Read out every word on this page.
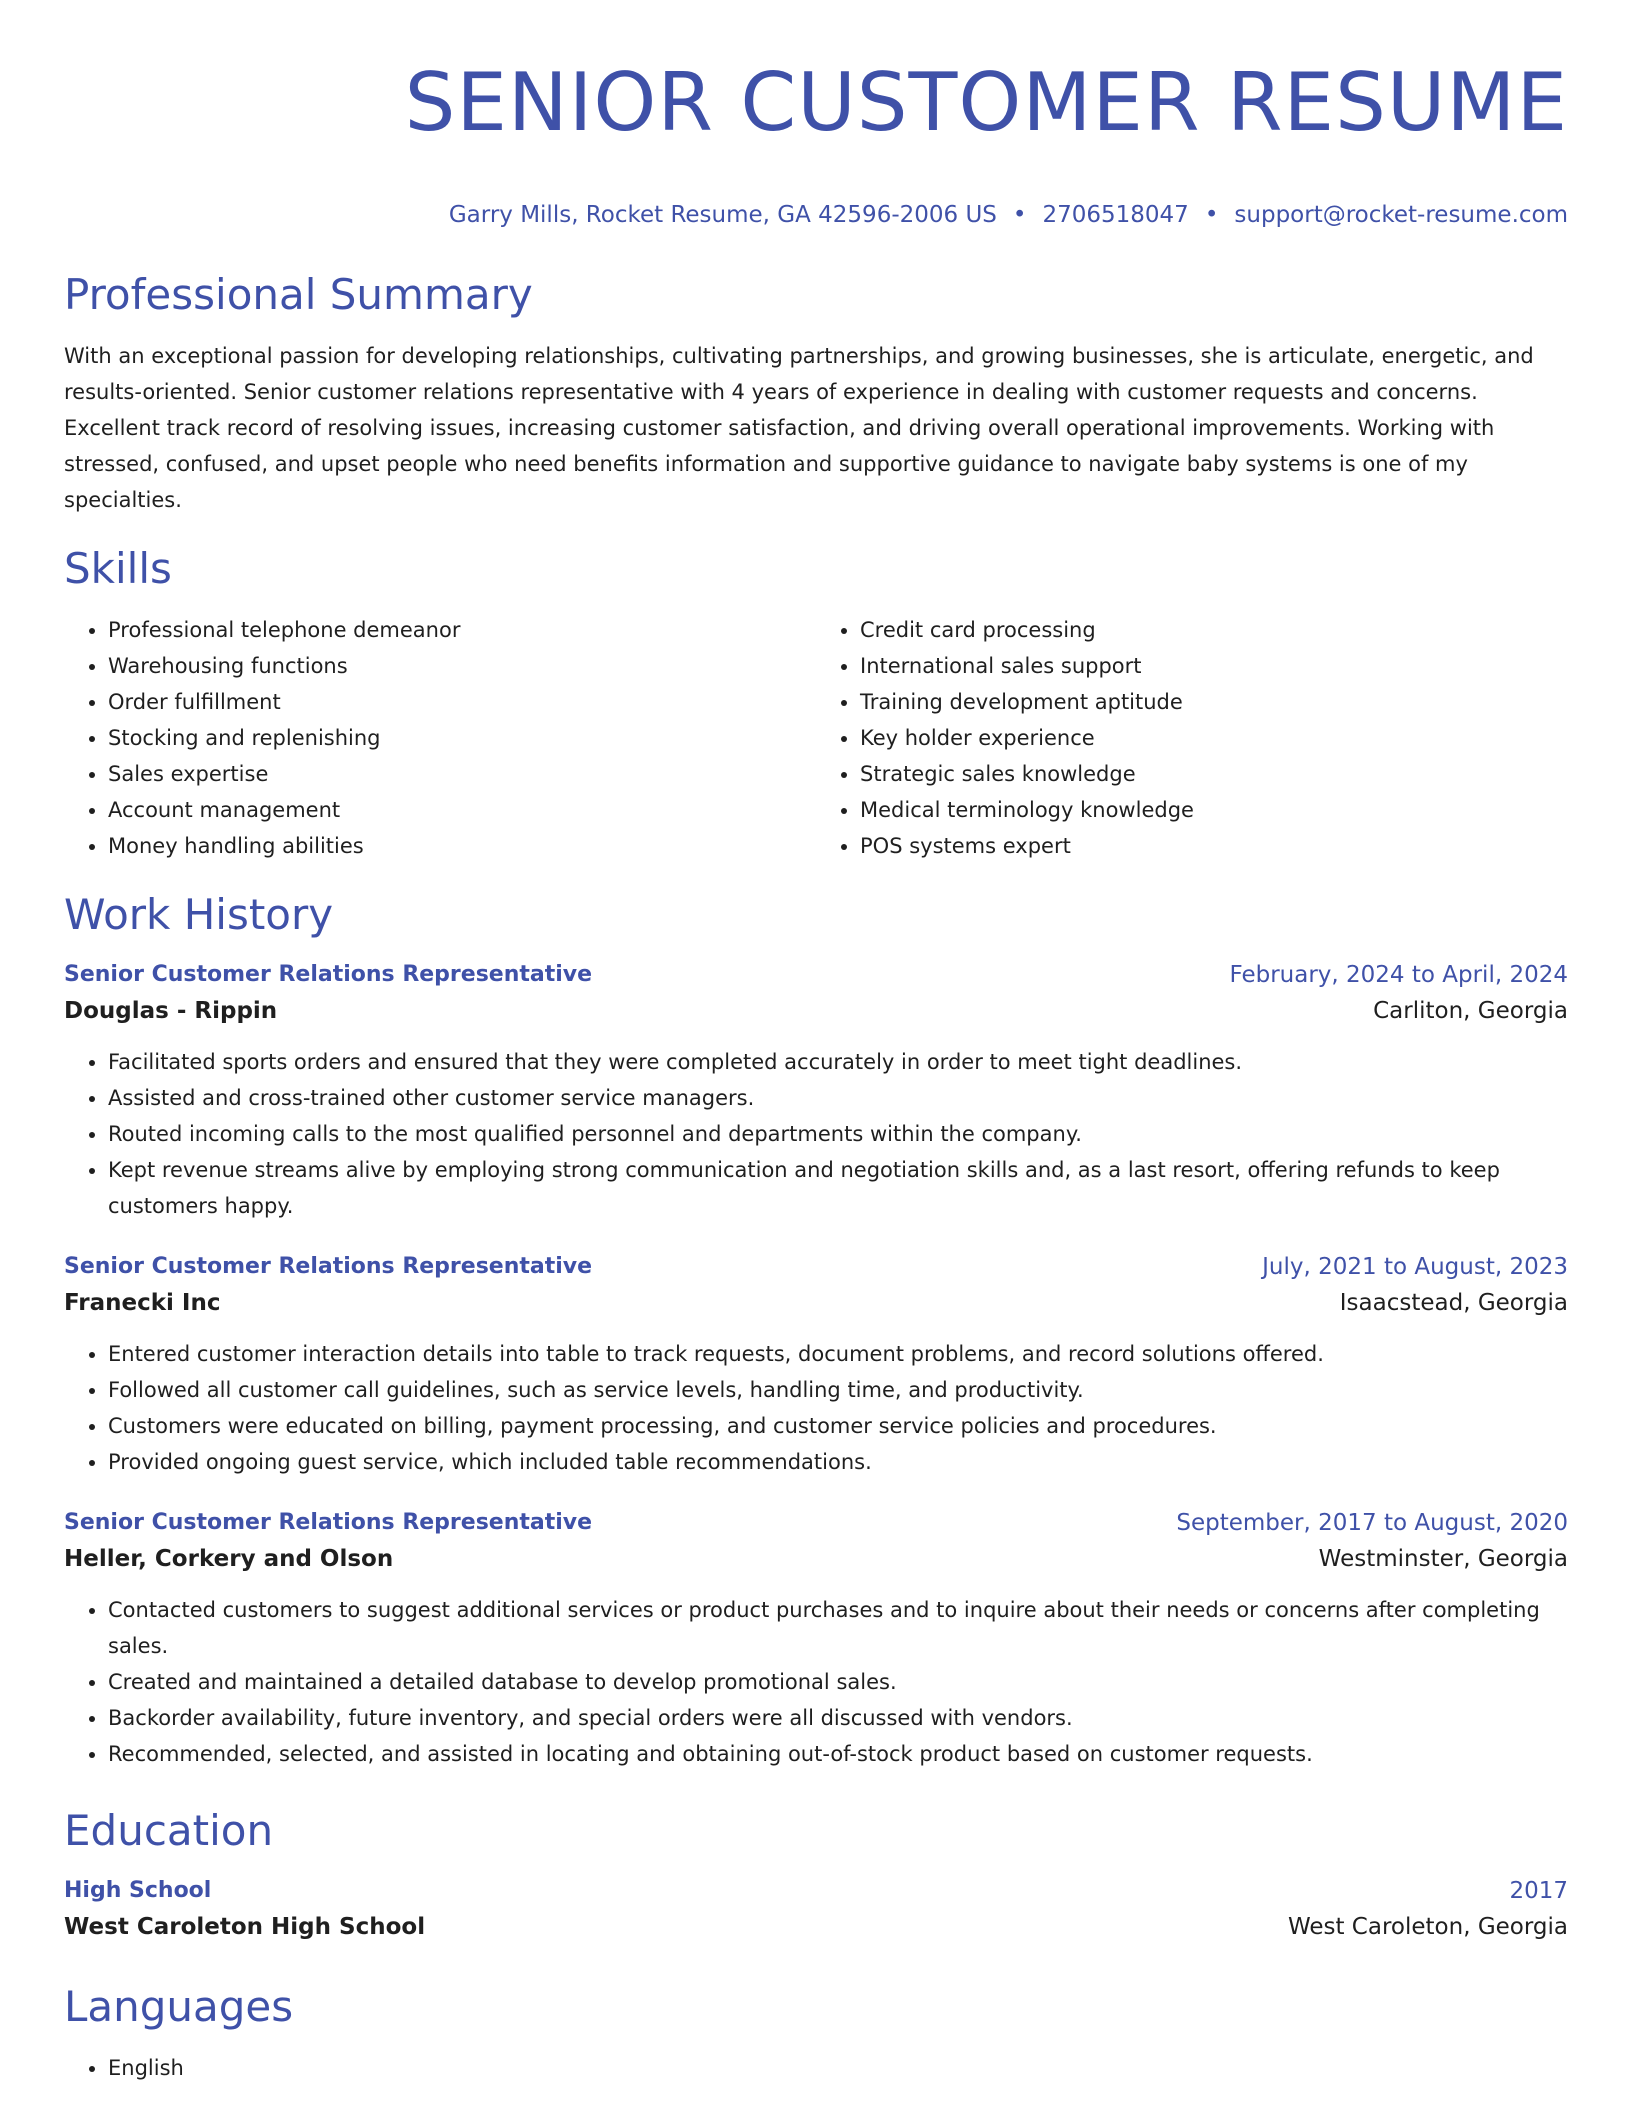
SENIOR CUSTOMER RESUME
Garry Mills, Rocket Resume, GA 42596-2006 US • 2706518047 • support@rocket-resume.com
Professional Summary
With an exceptional passion for developing relationships, cultivating partnerships, and growing businesses, she is articulate, energetic, and results-oriented. Senior customer relations representative with 4 years of experience in dealing with customer requests and concerns. Excellent track record of resolving issues, increasing customer satisfaction, and driving overall operational improvements. Working with stressed, confused, and upset people who need benefits information and supportive guidance to navigate baby systems is one of my specialties.
Skills
• Professional telephone demeanor
• Warehousing functions
• Order fulfillment
• Stocking and replenishing
• Sales expertise
• Account management
• Money handling abilities
• Credit card processing
• International sales support
• Training development aptitude
• Key holder experience
• Strategic sales knowledge
• Medical terminology knowledge
• POS systems expert
Work History
Senior Customer Relations Representative	February, 2024 to April, 2024
Douglas - Rippin	Carliton, Georgia
• Facilitated sports orders and ensured that they were completed accurately in order to meet tight deadlines.
• Assisted and cross-trained other customer service managers.
• Routed incoming calls to the most qualified personnel and departments within the company.
• Kept revenue streams alive by employing strong communication and negotiation skills and, as a last resort, offering refunds to keep customers happy.
Senior Customer Relations Representative	July, 2021 to August, 2023
Franecki Inc	Isaacstead, Georgia
• Entered customer interaction details into table to track requests, document problems, and record solutions offered.
• Followed all customer call guidelines, such as service levels, handling time, and productivity.
• Customers were educated on billing, payment processing, and customer service policies and procedures.
• Provided ongoing guest service, which included table recommendations.
Senior Customer Relations Representative	September, 2017 to August, 2020
Heller, Corkery and Olson	Westminster, Georgia
• Contacted customers to suggest additional services or product purchases and to inquire about their needs or concerns after completing sales.
• Created and maintained a detailed database to develop promotional sales.
• Backorder availability, future inventory, and special orders were all discussed with vendors.
• Recommended, selected, and assisted in locating and obtaining out-of-stock product based on customer requests.
Education
High School	2017
West Caroleton High School	West Caroleton, Georgia
Languages
• English
